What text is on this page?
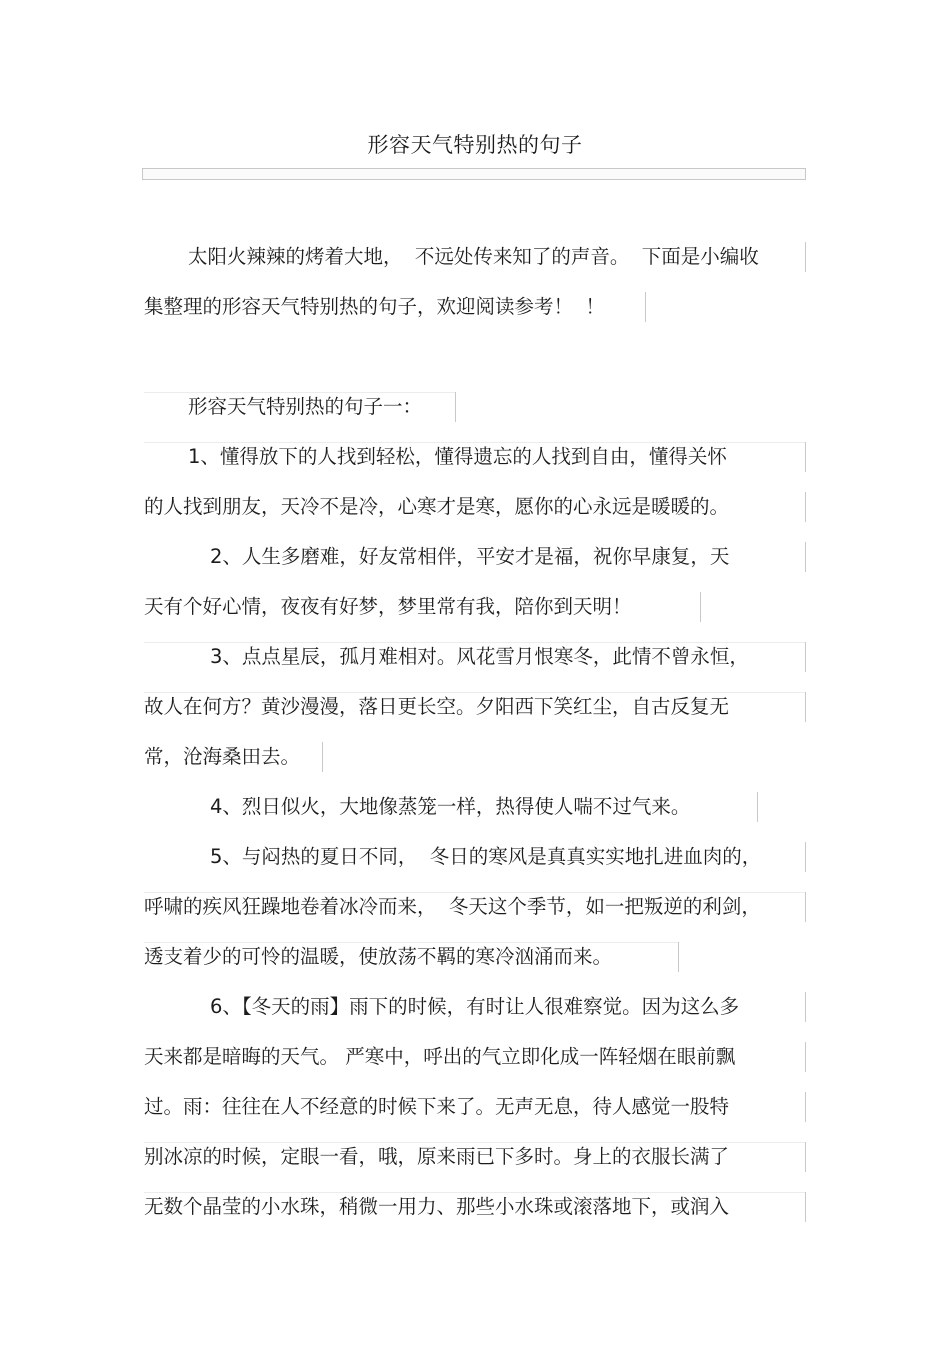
形容天气特别热的句子
太阳火辣辣的烤着大地，  不远处传来知了的声音。  下面是小编收
集整理的形容天气特别热的句子，欢迎阅读参考！  ！
形容天气特别热的句子一：
1、懂得放下的人找到轻松，懂得遗忘的人找到自由，懂得关怀
的人找到朋友，天冷不是冷，心寒才是寒，愿你的心永远是暖暖的。
2、人生多磨难，好友常相伴，平安才是福，祝你早康复，天
天有个好心情，夜夜有好梦，梦里常有我，陪你到天明！
3、点点星辰，孤月难相对。风花雪月恨寒冬，此情不曾永恒，
故人在何方？黄沙漫漫，落日更长空。夕阳西下笑红尘，自古反复无
常，沧海桑田去。
4、烈日似火，大地像蒸笼一样，热得使人喘不过气来。
5、与闷热的夏日不同，  冬日的寒风是真真实实地扎进血肉的，
呼啸的疾风狂躁地卷着冰冷而来，  冬天这个季节，如一把叛逆的利剑，
透支着少的可怜的温暖，使放荡不羁的寒冷汹涌而来。
6、【冬天的雨】雨下的时候，有时让人很难察觉。因为这么多
天来都是暗晦的天气。 严寒中，呼出的气立即化成一阵轻烟在眼前飘
过。雨：往往在人不经意的时候下来了。无声无息，待人感觉一股特
别冰凉的时候，定眼一看，哦，原来雨已下多时。身上的衣服长满了
无数个晶莹的小水珠，稍微一用力、那些小水珠或滚落地下，或润入
